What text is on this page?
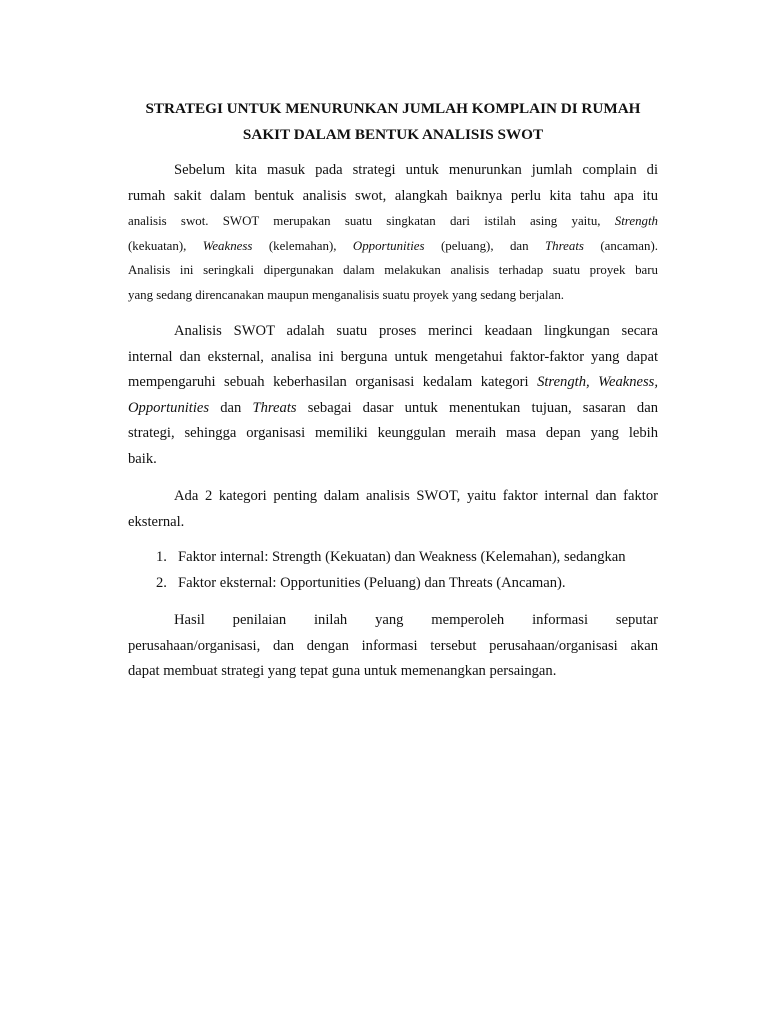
STRATEGI UNTUK MENURUNKAN JUMLAH KOMPLAIN DI RUMAH
SAKIT DALAM BENTUK ANALISIS SWOT
Sebelum kita masuk pada strategi untuk menurunkan jumlah complain di
rumah sakit dalam bentuk analisis swot, alangkah baiknya perlu kita tahu apa itu
analisis swot. SWOT merupakan suatu singkatan dari istilah asing yaitu, Strength
(kekuatan), Weakness (kelemahan), Opportunities (peluang), dan Threats (ancaman).
Analisis ini seringkali dipergunakan dalam melakukan analisis terhadap suatu proyek baru
yang sedang direncanakan maupun menganalisis suatu proyek yang sedang berjalan.
Analisis SWOT adalah suatu proses merinci keadaan lingkungan secara
internal dan eksternal, analisa ini berguna untuk mengetahui faktor-faktor yang dapat
mempengaruhi sebuah keberhasilan organisasi kedalam kategori Strength, Weakness,
Opportunities dan Threats sebagai dasar untuk menentukan tujuan, sasaran dan
strategi, sehingga organisasi memiliki keunggulan meraih masa depan yang lebih
baik.
Ada 2 kategori penting dalam analisis SWOT, yaitu faktor internal dan faktor
eksternal.
1. Faktor internal: Strength (Kekuatan) dan Weakness (Kelemahan), sedangkan
2. Faktor eksternal: Opportunities (Peluang) dan Threats (Ancaman).
Hasil penilaian inilah yang memperoleh informasi seputar
perusahaan/organisasi, dan dengan informasi tersebut perusahaan/organisasi akan
dapat membuat strategi yang tepat guna untuk memenangkan persaingan.
